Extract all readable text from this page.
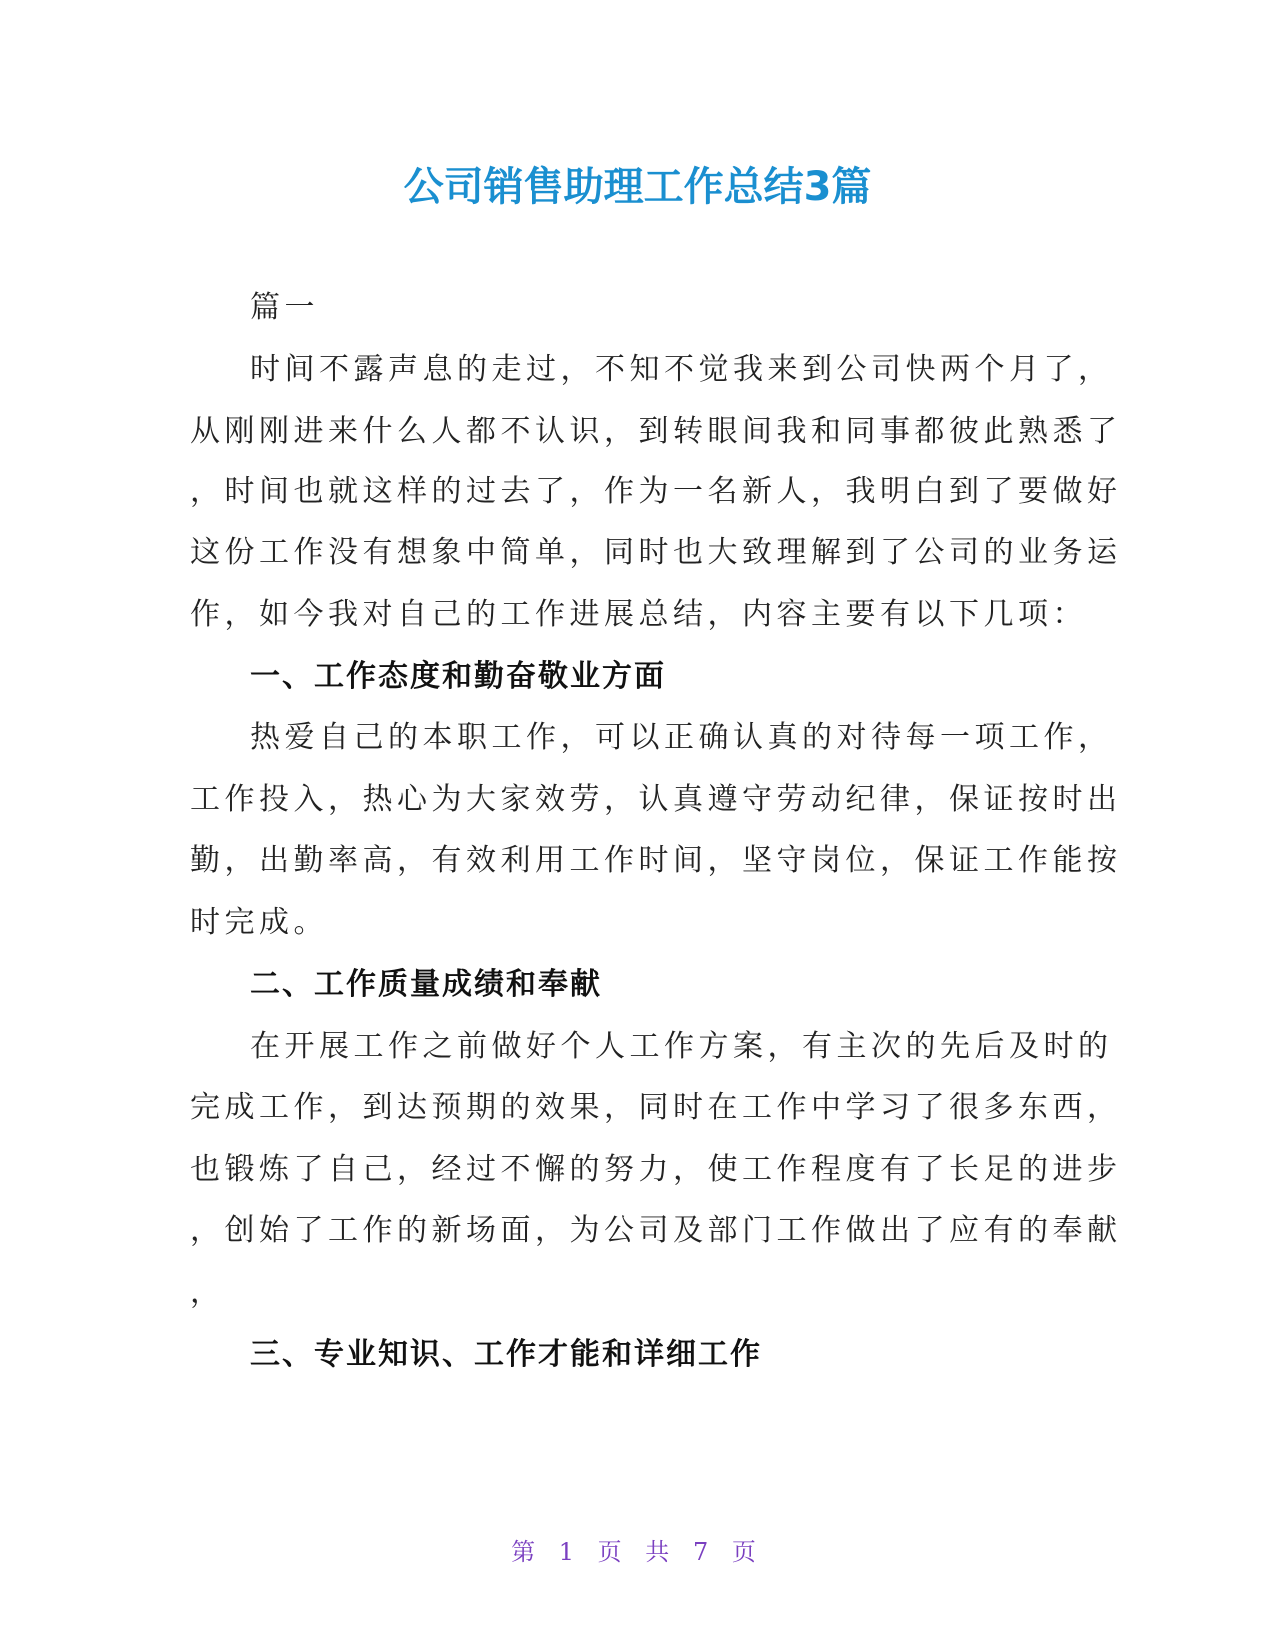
公司销售助理工作总结3篇

篇一

时间不露声息的走过，不知不觉我来到公司快两个月了，

从刚刚进来什么人都不认识，到转眼间我和同事都彼此熟悉了

，时间也就这样的过去了，作为一名新人，我明白到了要做好

这份工作没有想象中简单，同时也大致理解到了公司的业务运

作，如今我对自己的工作进展总结，内容主要有以下几项：

一、工作态度和勤奋敬业方面

热爱自己的本职工作，可以正确认真的对待每一项工作，

工作投入，热心为大家效劳，认真遵守劳动纪律，保证按时出

勤，出勤率高，有效利用工作时间，坚守岗位，保证工作能按

时完成。

二、工作质量成绩和奉献

在开展工作之前做好个人工作方案，有主次的先后及时的

完成工作，到达预期的效果，同时在工作中学习了很多东西，

也锻炼了自己，经过不懈的努力，使工作程度有了长足的进步

，创始了工作的新场面，为公司及部门工作做出了应有的奉献

，

三、专业知识、工作才能和详细工作

第 1 页 共 7 页
